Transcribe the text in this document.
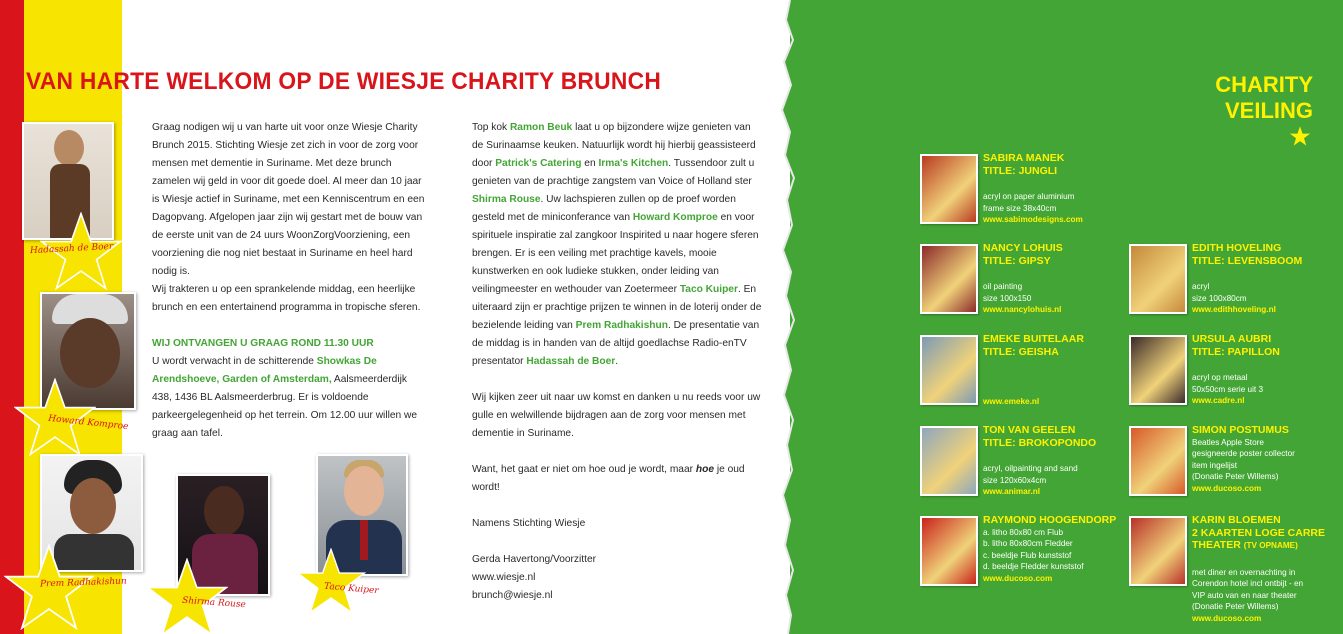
VAN HARTE WELKOM OP DE WIESJE CHARITY BRUNCH

Graag nodigen wij u van harte uit voor onze Wiesje Charity Brunch 2015. Stichting Wiesje zet zich in voor de zorg voor mensen met dementie in Suriname. Met deze brunch zamelen wij geld in voor dit goede doel. Al meer dan 10 jaar is Wiesje actief in Suriname, met een Kenniscentrum en een Dagopvang. Afgelopen jaar zijn wij gestart met de bouw van de eerste unit van de 24 uurs WoonZorgVoorziening, een voorziening die nog niet bestaat in Suriname en heel hard nodig is.

Wij trakteren u op een sprankelende middag, een heerlijke brunch en een entertainend programma in tropische sferen.

WIJ ONTVANGEN U GRAAG ROND 11.30 UUR

U wordt verwacht in de schitterende Showkas De Arendshoeve, Garden of Amsterdam, Aalsmeerderdijk 438, 1436 BL Aalsmeerderbrug. Er is voldoende parkeergelegenheid op het terrein. Om 12.00 uur willen we graag aan tafel.

Top kok Ramon Beuk laat u op bijzondere wijze genieten van de Surinaamse keuken. Natuurlijk wordt hij hierbij geassisteerd door Patrick's Catering en Irma's Kitchen. Tussendoor zult u genieten van de prachtige zangstem van Voice of Holland ster Shirma Rouse. Uw lachspieren zullen op de proef worden gesteld met de miniconferance van Howard Komproe en voor spirituele inspiratie zal zangkoor Inspirited u naar hogere sferen brengen. Er is een veiling met prachtige kavels, mooie kunstwerken en ook ludieke stukken, onder leiding van veilingmeester en wethouder van Zoetermeer Taco Kuiper. En uiteraard zijn er prachtige prijzen te winnen in de loterij onder de bezielende leiding van Prem Radhakishun. De presentatie van de middag is in handen van de altijd goedlachse Radio-enTV presentator Hadassah de Boer.

Wij kijken zeer uit naar uw komst en danken u nu reeds voor uw gulle en welwillende bijdragen aan de zorg voor mensen met dementie in Suriname.

Want, het gaat er niet om hoe oud je wordt, maar hoe je oud wordt!

Namens Stichting Wiesje

Gerda Havertong/Voorzitter

www.wiesje.nl

brunch@wiesje.nl

Hadassah de Boer
Howard Komproe
Prem Radhakishun
Shirma Rouse
Taco Kuiper
CHARITY
VEILING
SABIRA MANEK
TITLE: JUNGLI
acryl on paper aluminium
frame size 38x40cm
www.sabimodesigns.com
NANCY LOHUIS
TITLE: GIPSY
oil painting
size 100x150
www.nancylohuis.nl
EDITH HOVELING
TITLE: LEVENSBOOM
acryl
size 100x80cm
www.edithhoveling.nl
EMEKE BUITELAAR
TITLE: GEISHA
www.emeke.nl
URSULA AUBRI
TITLE: PAPILLON
acryl op metaal
50x50cm serie uit 3
www.cadre.nl
TON VAN GEELEN
TITLE: BROKOPONDO
acryl, oilpainting and sand
size 120x60x4cm
www.animar.nl
SIMON POSTUMUS
Beatles Apple Store
gesigneerde poster collector
item ingelijst
(Donatie Peter Willems)
www.ducoso.com
RAYMOND HOOGENDORP
a. litho 80x80 cm Flub
b. litho 80x80cm Fledder
c. beeldje Flub kunststof
d. beeldje Fledder kunststof
www.ducoso.com
KARIN BLOEMEN
2 KAARTEN LOGE CARRE
THEATER (TV OPNAME)
met diner en overnachting in
Corendon hotel incl ontbijt - en
VIP auto van en naar theater
(Donatie Peter Willems)
www.ducoso.com
